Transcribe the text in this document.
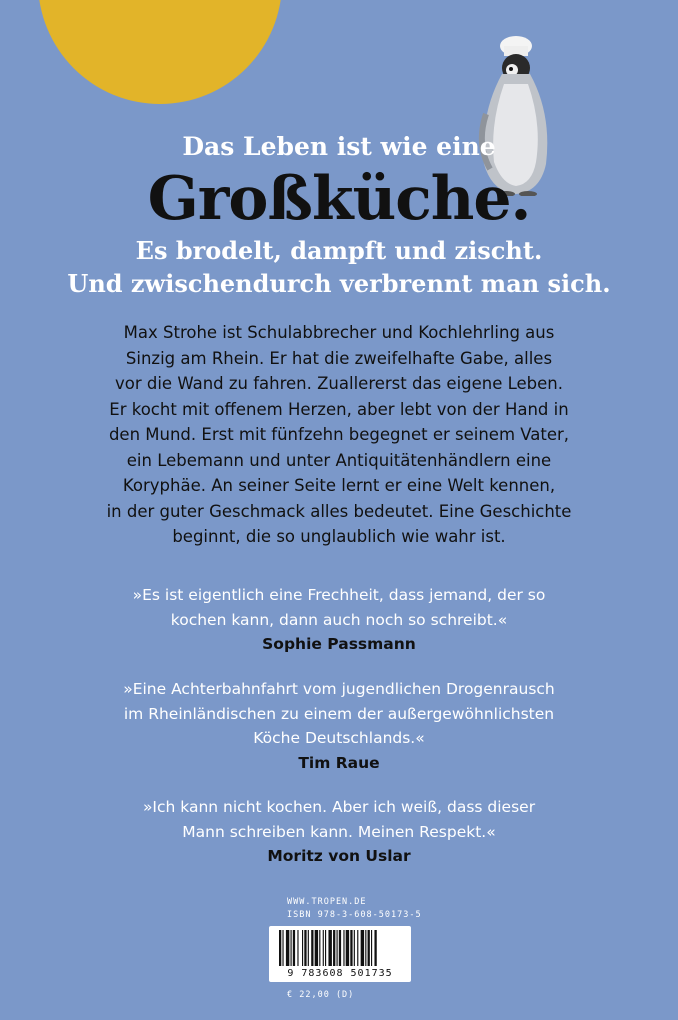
Das Leben ist wie eine
Großküche.
Es brodelt, dampft und zischt.
Und zwischendurch verbrennt man sich.
Max Strohe ist Schulabbrecher und Kochlehrling aus
Sinzig am Rhein. Er hat die zweifelhafte Gabe, alles
vor die Wand zu fahren. Zuallererst das eigene Leben.
Er kocht mit offenem Herzen, aber lebt von der Hand in
den Mund. Erst mit fünfzehn begegnet er seinem Vater,
ein Lebemann und unter Antiquitätenhändlern eine
Koryphäe. An seiner Seite lernt er eine Welt kennen,
in der guter Geschmack alles bedeutet. Eine Geschichte
beginnt, die so unglaublich wie wahr ist.
»Es ist eigentlich eine Frechheit, dass jemand, der so
kochen kann, dann auch noch so schreibt.«
Sophie Passmann
»Eine Achterbahnfahrt vom jugendlichen Drogenrausch
im Rheinländischen zu einem der außergewöhnlichsten
Köche Deutschlands.«
Tim Raue
»Ich kann nicht kochen. Aber ich weiß, dass dieser
Mann schreiben kann. Meinen Respekt.«
Moritz von Uslar
WWW.TROPEN.DE
ISBN 978-3-608-50173-5
9 783608 501735
€ 22,00 (D)
